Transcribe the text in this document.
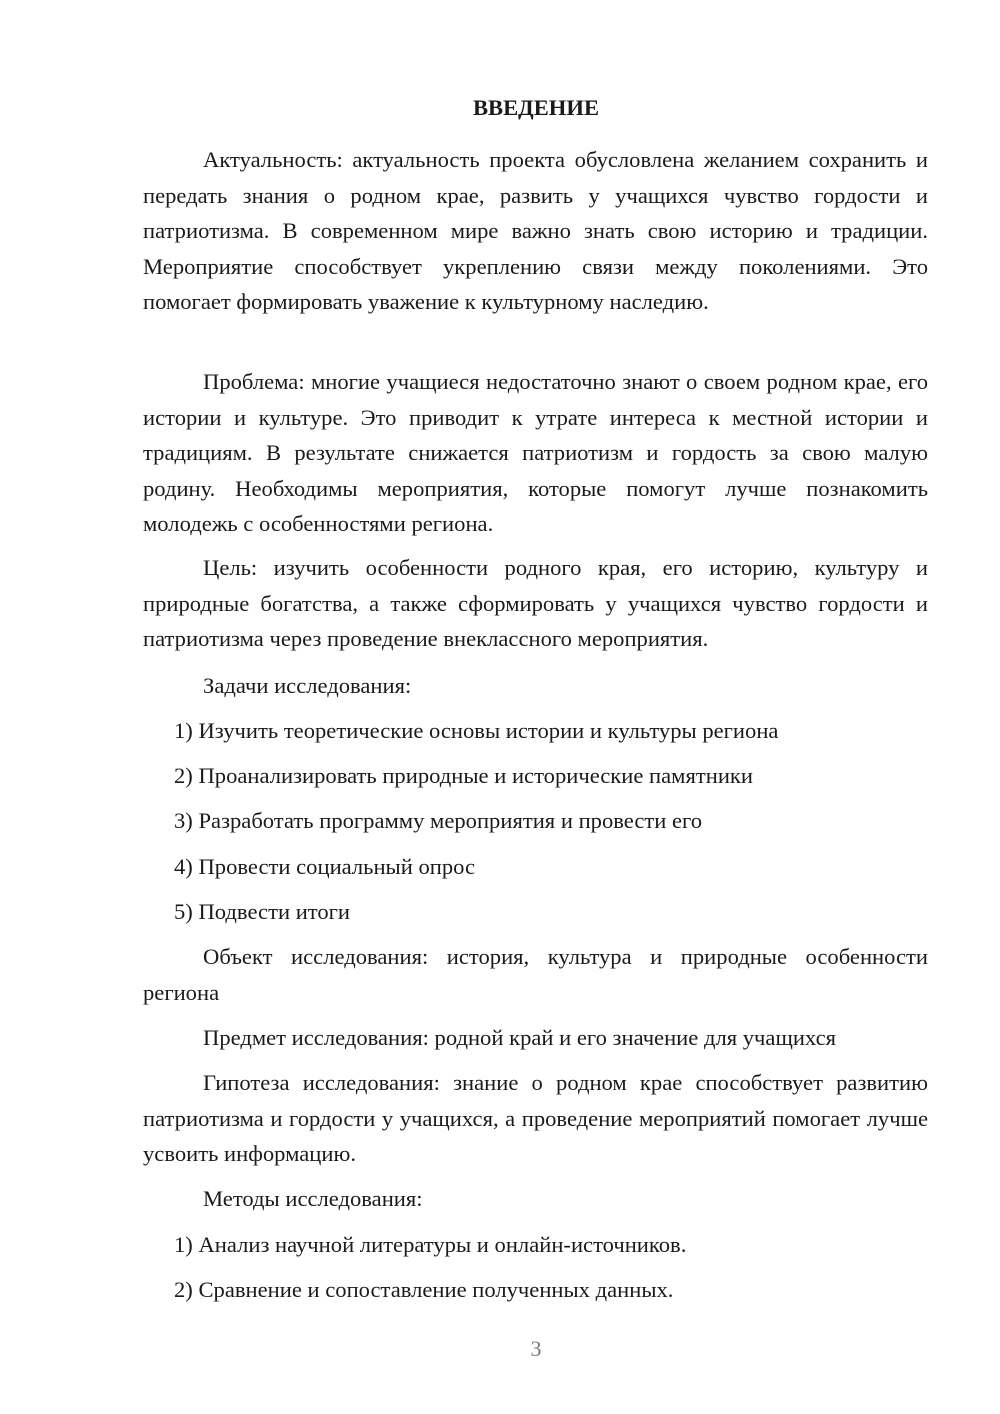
ВВЕДЕНИЕ
Актуальность: актуальность проекта обусловлена желанием сохранить и передать знания о родном крае, развить у учащихся чувство гордости и патриотизма. В современном мире важно знать свою историю и традиции. Мероприятие способствует укреплению связи между поколениями. Это помогает формировать уважение к культурному наследию.
Проблема: многие учащиеся недостаточно знают о своем родном крае, его истории и культуре. Это приводит к утрате интереса к местной истории и традициям. В результате снижается патриотизм и гордость за свою малую родину. Необходимы мероприятия, которые помогут лучше познакомить молодежь с особенностями региона.
Цель: изучить особенности родного края, его историю, культуру и природные богатства, а также сформировать у учащихся чувство гордости и патриотизма через проведение внеклассного мероприятия.
Задачи исследования:
1) Изучить теоретические основы истории и культуры региона
2) Проанализировать природные и исторические памятники
3) Разработать программу мероприятия и провести его
4) Провести социальный опрос
5) Подвести итоги
Объект исследования: история, культура и природные особенности региона
Предмет исследования: родной край и его значение для учащихся
Гипотеза исследования: знание о родном крае способствует развитию патриотизма и гордости у учащихся, а проведение мероприятий помогает лучше усвоить информацию.
Методы исследования:
1) Анализ научной литературы и онлайн-источников.
2) Сравнение и сопоставление полученных данных.
3
